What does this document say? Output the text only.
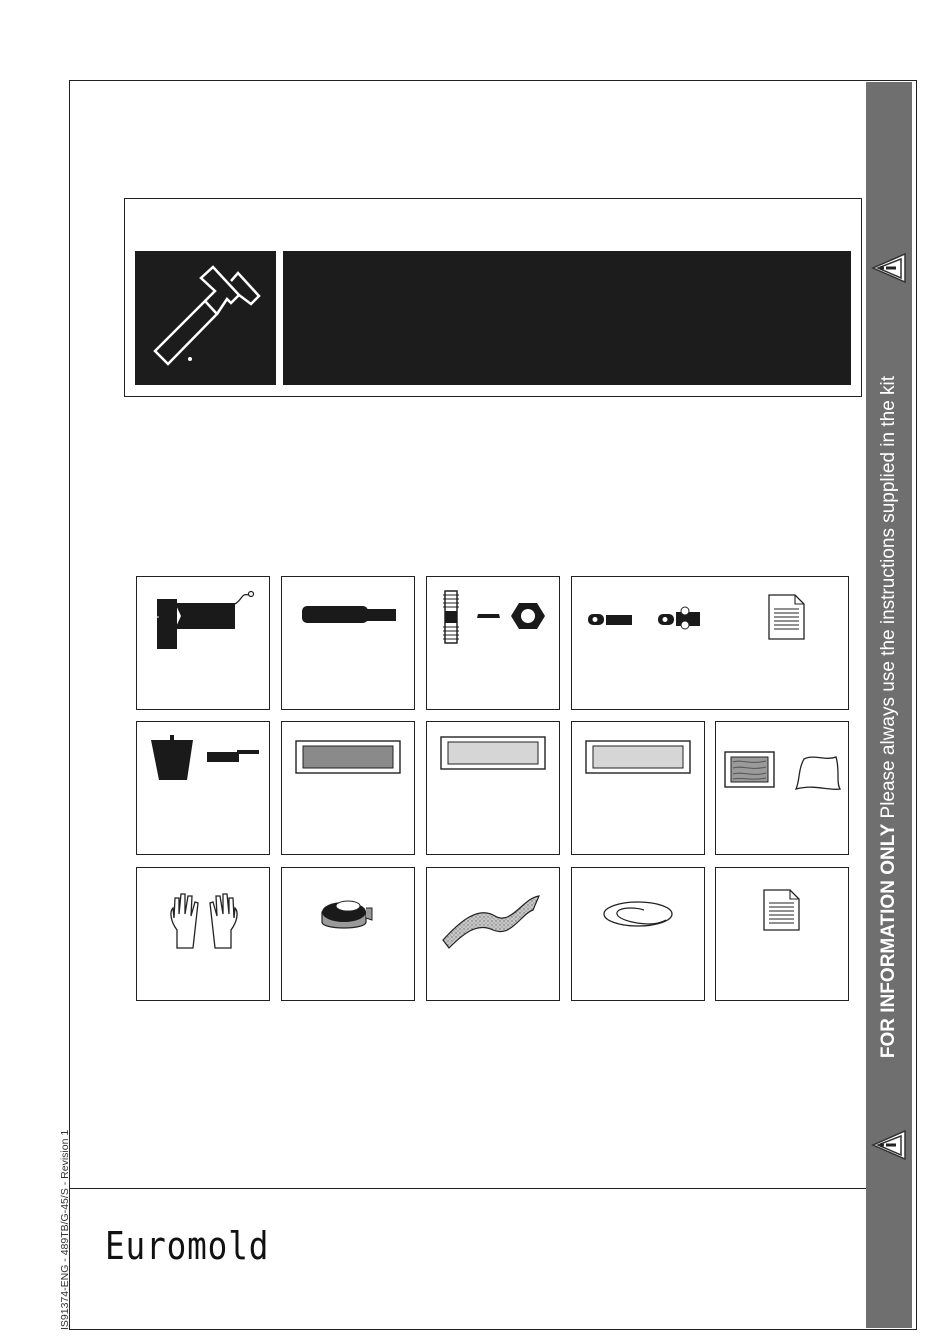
FOR INFORMATION ONLY Please always use the instructions supplied in the kit
IS91374-ENG - 489TB/G-45/S - Revision 1 Euromold
